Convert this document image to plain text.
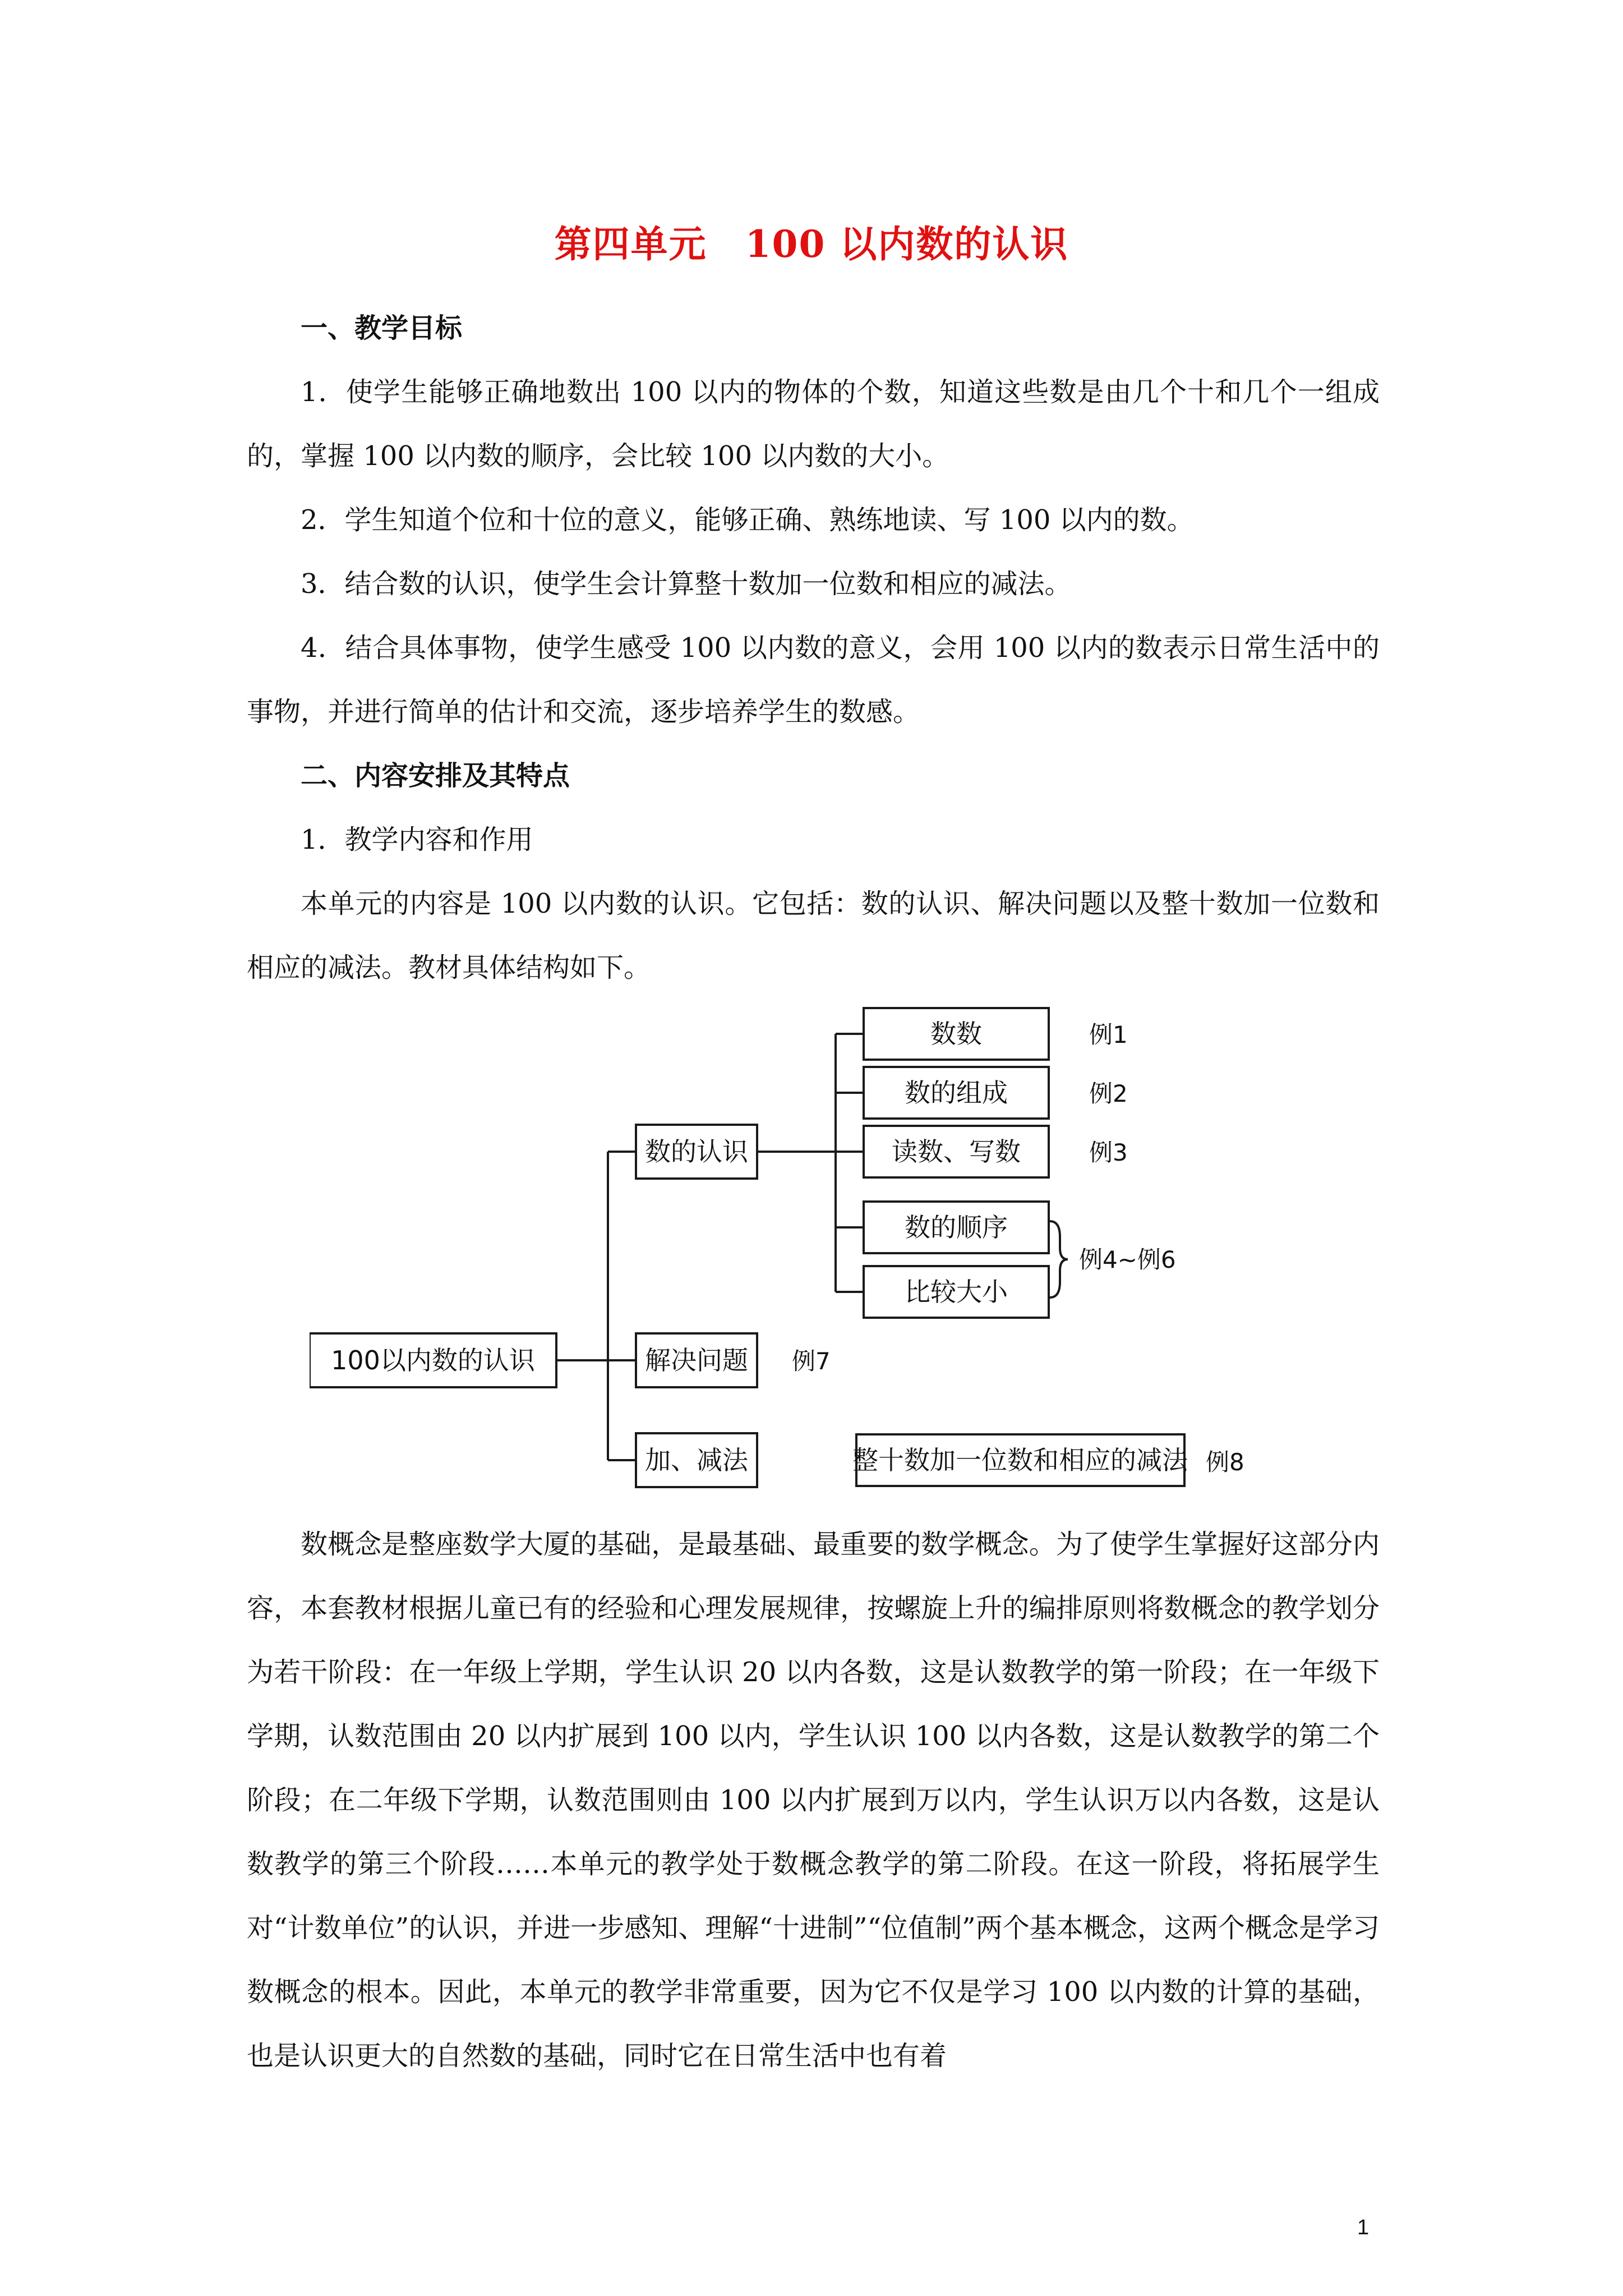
第四单元　100 以内数的认识

一、教学目标

1．使学生能够正确地数出 100 以内的物体的个数，知道这些数是由几个十和几个一组成的，掌握 100 以内数的顺序，会比较 100 以内数的大小。

2．学生知道个位和十位的意义，能够正确、熟练地读、写 100 以内的数。

3．结合数的认识，使学生会计算整十数加一位数和相应的减法。

4．结合具体事物，使学生感受 100 以内数的意义，会用 100 以内的数表示日常生活中的事物，并进行简单的估计和交流，逐步培养学生的数感。

二、内容安排及其特点

1．教学内容和作用

本单元的内容是 100 以内数的认识。它包括：数的认识、解决问题以及整十数加一位数和相应的减法。教材具体结构如下。

100以内数的认识
数的认识
解决问题
加、减法
数数
数的组成
读数、写数
数的顺序
比较大小
例1
例2
例3
例4~例6
例7
整十数加一位数和相应的减法 例8

数概念是整座数学大厦的基础，是最基础、最重要的数学概念。为了使学生掌握好这部分内容，本套教材根据儿童已有的经验和心理发展规律，按螺旋上升的编排原则将数概念的教学划分为若干阶段：在一年级上学期，学生认识 20 以内各数，这是认数教学的第一阶段；在一年级下学期，认数范围由 20 以内扩展到 100 以内，学生认识 100 以内各数，这是认数教学的第二个阶段；在二年级下学期，认数范围则由 100 以内扩展到万以内，学生认识万以内各数，这是认数教学的第三个阶段……本单元的教学处于数概念教学的第二阶段。在这一阶段，将拓展学生对“计数单位”的认识，并进一步感知、理解“十进制”“位值制”两个基本概念，这两个概念是学习数概念的根本。因此，本单元的教学非常重要，因为它不仅是学习 100 以内数的计算的基础，也是认识更大的自然数的基础，同时它在日常生活中也有着

1
